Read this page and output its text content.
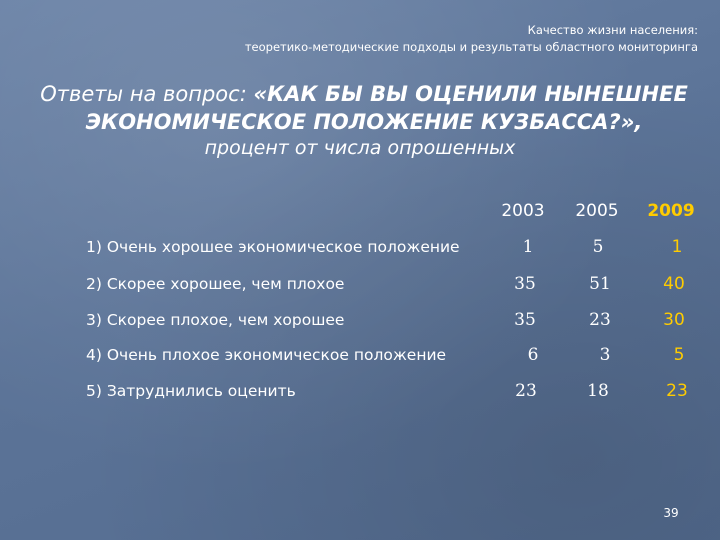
Качество жизни населения:
теоретико-методические подходы и результаты областного мониторинга
Ответы на вопрос: «КАК БЫ ВЫ ОЦЕНИЛИ НЫНЕШНЕЕ
ЭКОНОМИЧЕСКОЕ ПОЛОЖЕНИЕ КУЗБАССА?»,
процент от числа опрошенных
2003	2005	2009
1) Очень хорошее экономическое положение	1	5	1
2) Скорее хорошее, чем плохое	35	51	40
3) Скорее плохое, чем хорошее	35	23	30
4) Очень плохое экономическое положение	6	3	5
5) Затруднились оценить	23	18	23
39
